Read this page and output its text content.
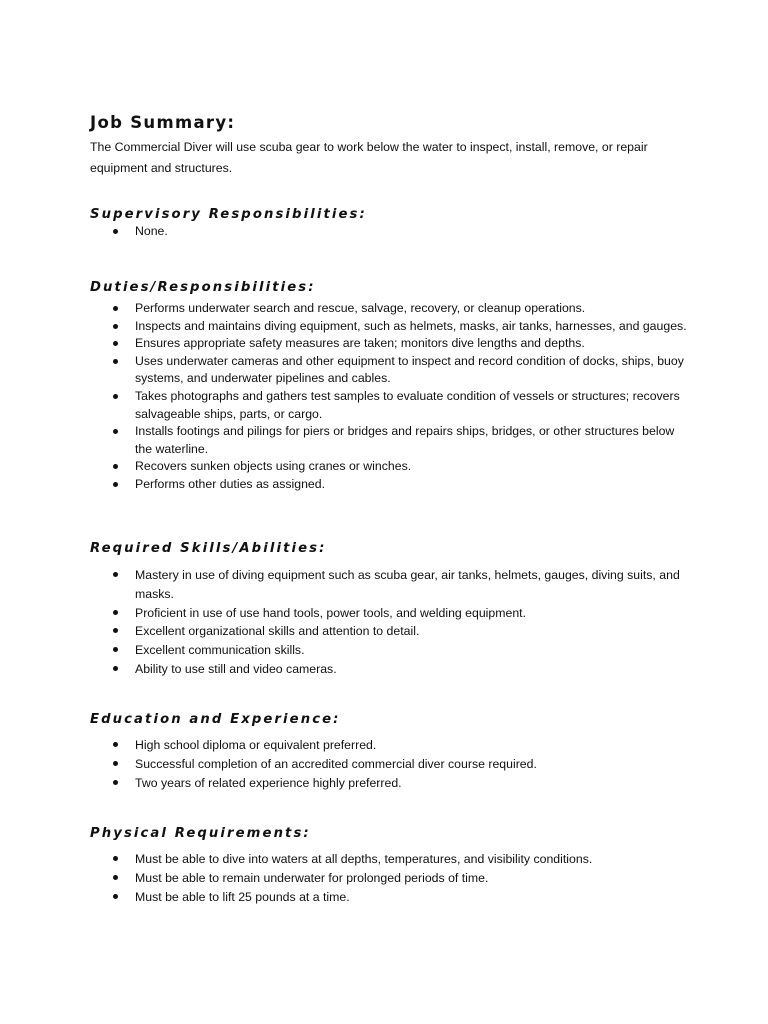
Job Summary:

The Commercial Diver will use scuba gear to work below the water to inspect, install, remove, or repair equipment and structures.

Supervisory Responsibilities:
None.
Duties/Responsibilities:
Performs underwater search and rescue, salvage, recovery, or cleanup operations.
Inspects and maintains diving equipment, such as helmets, masks, air tanks, harnesses, and gauges.
Ensures appropriate safety measures are taken; monitors dive lengths and depths.
Uses underwater cameras and other equipment to inspect and record condition of docks, ships, buoy systems, and underwater pipelines and cables.
Takes photographs and gathers test samples to evaluate condition of vessels or structures; recovers salvageable ships, parts, or cargo.
Installs footings and pilings for piers or bridges and repairs ships, bridges, or other structures below the waterline.
Recovers sunken objects using cranes or winches.
Performs other duties as assigned.
Required Skills/Abilities:
Mastery in use of diving equipment such as scuba gear, air tanks, helmets, gauges, diving suits, and masks.
Proficient in use of use hand tools, power tools, and welding equipment.
Excellent organizational skills and attention to detail.
Excellent communication skills.
Ability to use still and video cameras.
Education and Experience:
High school diploma or equivalent preferred.
Successful completion of an accredited commercial diver course required.
Two years of related experience highly preferred.
Physical Requirements:
Must be able to dive into waters at all depths, temperatures, and visibility conditions.
Must be able to remain underwater for prolonged periods of time.
Must be able to lift 25 pounds at a time.
